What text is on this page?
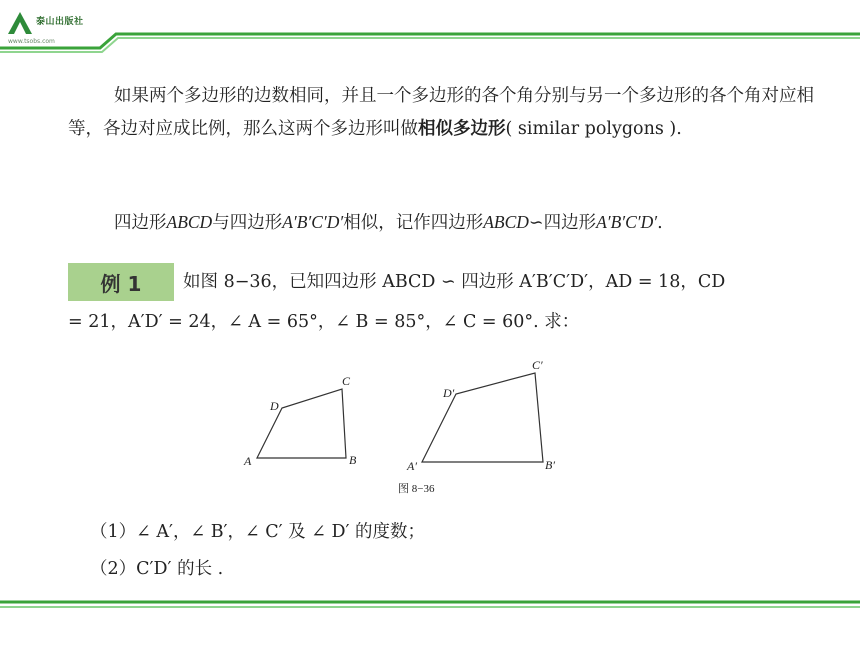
泰山出版社
www.tsobs.com

如果两个多边形的边数相同，并且一个多边形的各个角分别与另一个多边形的各个角对应相等，各边对应成比例，那么这两个多边形叫做相似多边形( similar polygons ).

四边形ABCD与四边形A′B′C′D′相似，记作四边形ABCD∽四边形A′B′C′D′.

例 1	如图 8−36，已知四边形 ABCD ∽ 四边形 A′B′C′D′，AD = 18，CD
= 21，A′D′ = 24，∠ A = 65°，∠ B = 85°，∠ C = 60°. 求：
A	B
C
D
A′	B′
C′
D′
图 8−36
（1）∠ A′，∠ B′，∠ C′ 及 ∠ D′ 的度数；
（2）C′D′ 的长 .
